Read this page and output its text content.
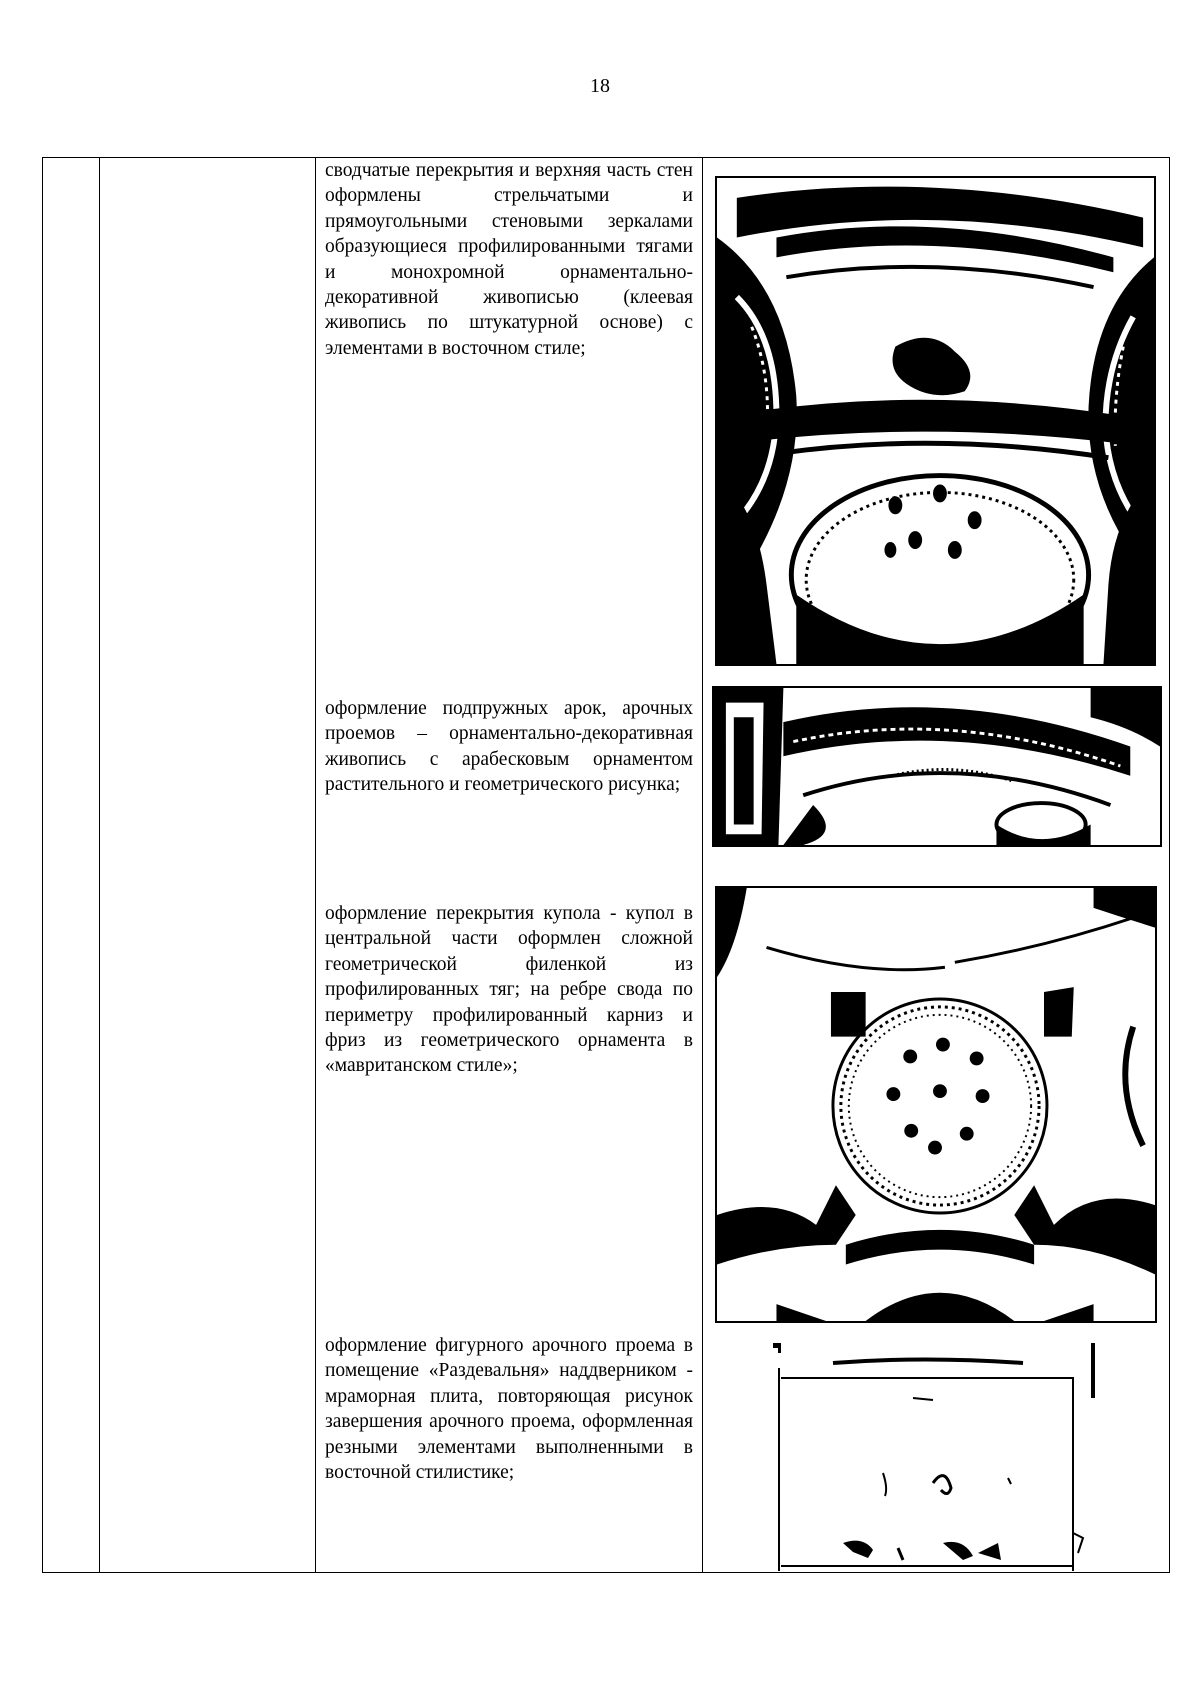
18
сводчатые перекрытия и верхняя часть стен оформлены стрельчатыми и прямоугольными стеновыми зеркалами образующиеся профилированными тягами и монохромной орнаментально-декоративной живописью (клеевая живопись по штукатурной основе) с элементами в восточном стиле;
оформление подпружных арок, арочных проемов – орнаментально-декоративная живопись с арабесковым орнаментом растительного и геометрического рисунка;
оформление перекрытия купола - купол в центральной части оформлен сложной геометрической филенкой из профилированных тяг; на ребре свода по периметру профилированный карниз и фриз из геометрического орнамента в «мавританском стиле»;
оформление фигурного арочного проема в помещение «Раздевальня» наддверником - мраморная плита, повторяющая рисунок завершения арочного проема, оформленная резными элементами выполненными в восточной стилистике;
